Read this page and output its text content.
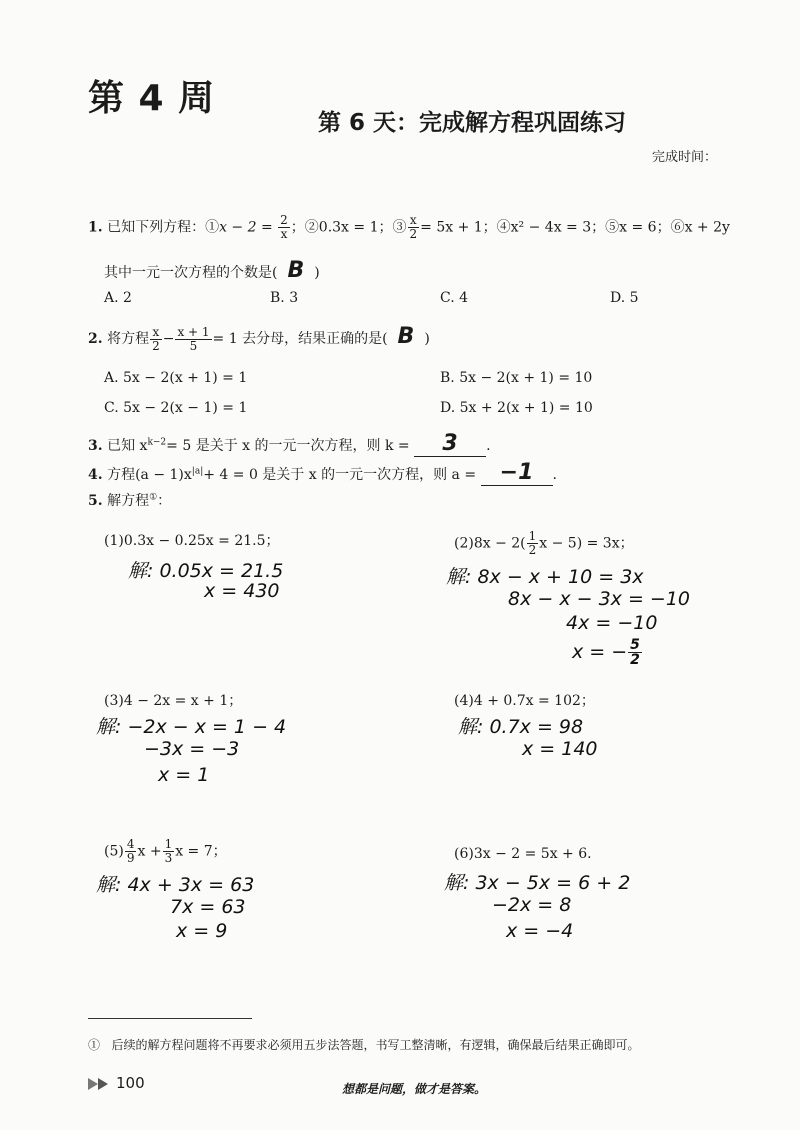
第 4 周
第 6 天：完成解方程巩固练习
完成时间：
1. 已知下列方程：①x − $2 = \frac{2}{x}$ ；②0.3x = 1；③ $\frac{x}{2} = 5x + 1$；④x² − 4x = 3；⑤x = 6；⑥x + 2y
其中一元一次方程的个数是( B )
A. 2	B. 3	C. 4	D. 5
2. 将方程 $\frac{x}{2} - \frac{x + 1}{5} = 1$ 去分母，结果正确的是( B )
A. 5x − 2(x + 1) = 1	B. 5x − 2(x + 1) = 10
C. 5x − 2(x − 1) = 1	D. 5x + 2(x + 1) = 10
3. 已知 $x^{k-2}= 5$ 是关于 x 的一元一次方程，则 k = 3 .
4. 方程$(a - 1)x^{|a|}+ 4 = 0$ 是关于 x 的一元一次方程，则 a = −1 .
5. 解方程①：
(1)0.3x − 0.25x = 21.5；
解: 0.05x = 21.5
x = 430
$(2)8x - 2( \frac{1}{2}$ x − 5) = 3x；
解: 8x − x + 10 = 3x
8x − x − 3x = −10
4x = −10
x = − $\frac{5}{2}$
(3)4 − 2x = x + 1；
解: −2x − x = 1 − 4
−3x = −3
x = 1
(4)4 + 0.7x = 102；
解: 0.7x = 98
x = 140
$(5) \frac{4}{9}$ $x + \frac{1}{3}$ x = 7；
解: 4x + 3x = 63
7x = 63
x = 9
(6)3x − 2 = 5x + 6.
解: 3x − 5x = 6 + 2
−2x = 8
x = −4
① 后续的解方程问题将不再要求必须用五步法答题，书写工整清晰，有逻辑，确保最后结果正确即可。
100	想都是问题，做才是答案。
